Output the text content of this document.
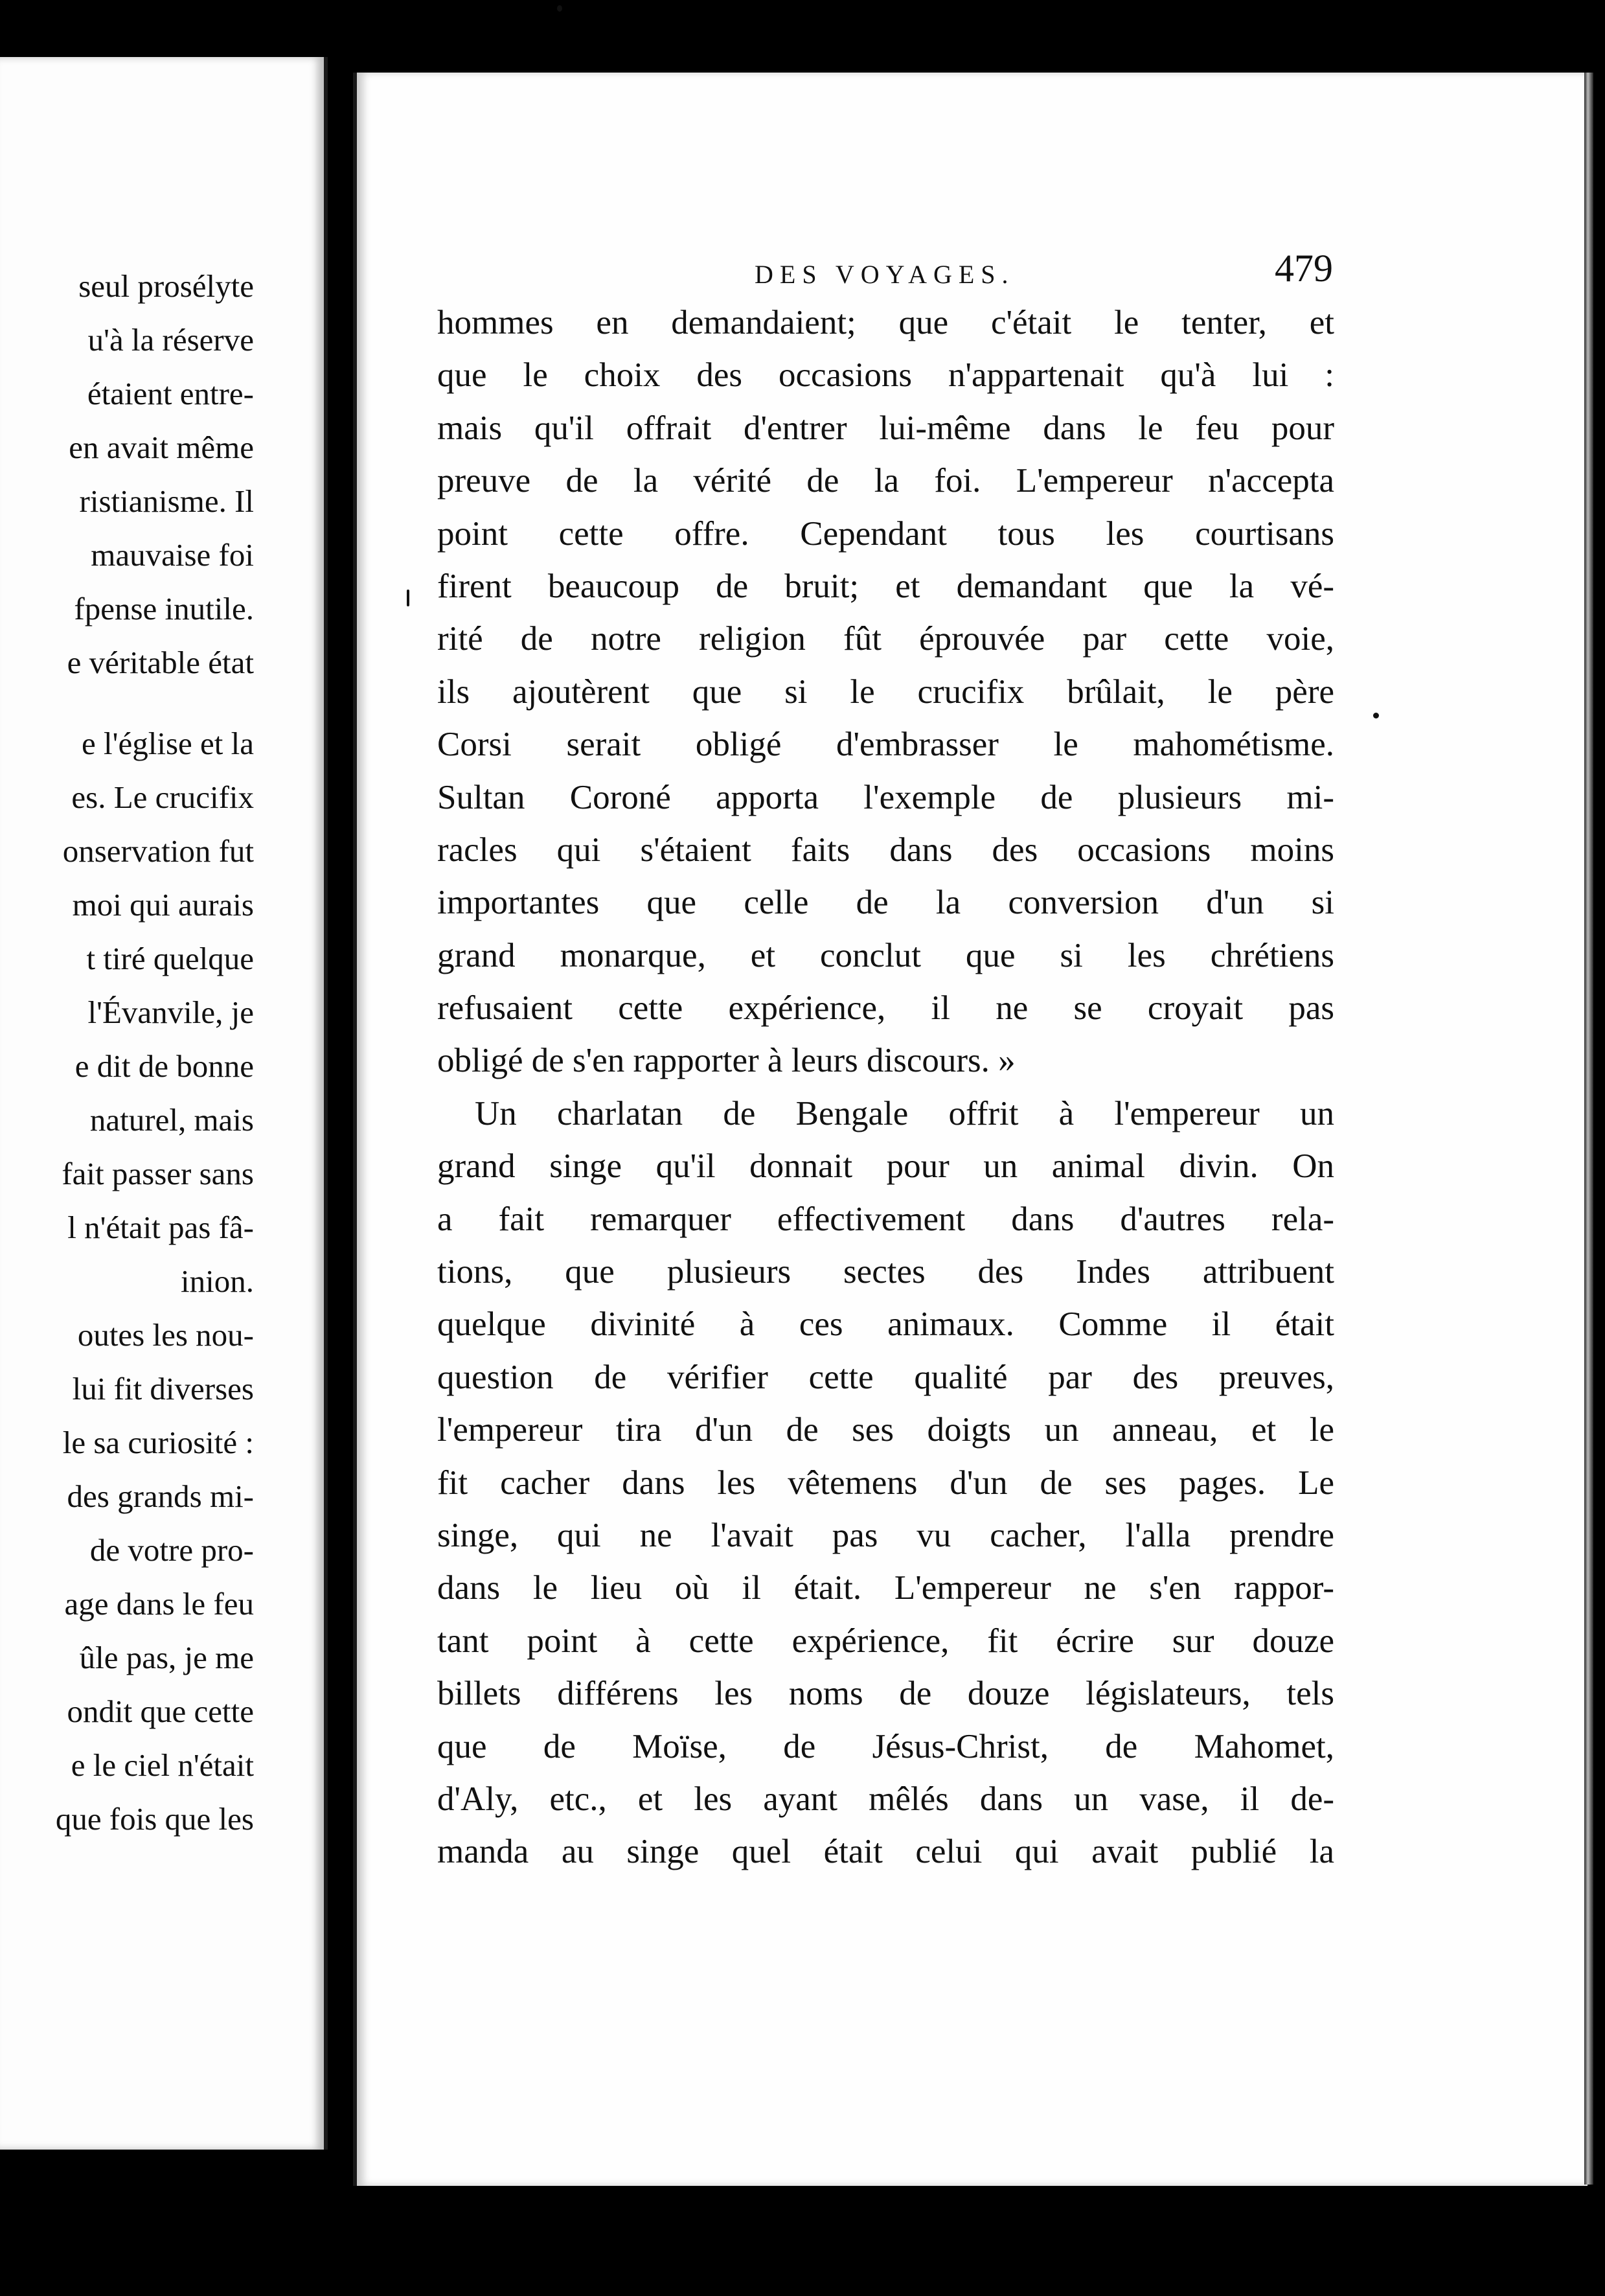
seul prosélyte
u'à la réserve
étaient entre-
en avait même
ristianisme. Il
mauvaise foi
fpense inutile.
e véritable état
e l'église et la
es. Le crucifix
onservation fut
moi qui aurais
t tiré quelque
l'Évanvile, je
e dit de bonne
naturel, mais
fait passer sans
l n'était pas fâ-
inion.
outes les nou-
lui fit diverses
le sa curiosité :
des grands mi-
de votre pro-
age dans le feu
ûle pas, je me
ondit que cette
e le ciel n'était
que fois que les
DES VOYAGES.	479
hommes en demandaient; que c'était le tenter, et
que le choix des occasions n'appartenait qu'à lui :
mais qu'il offrait d'entrer lui-même dans le feu pour
preuve de la vérité de la foi. L'empereur n'accepta
point cette offre. Cependant tous les courtisans
firent beaucoup de bruit; et demandant que la vé-
rité de notre religion fût éprouvée par cette voie,
ils ajoutèrent que si le crucifix brûlait, le père
Corsi serait obligé d'embrasser le mahométisme.
Sultan Coroné apporta l'exemple de plusieurs mi-
racles qui s'étaient faits dans des occasions moins
importantes que celle de la conversion d'un si
grand monarque, et conclut que si les chrétiens
refusaient cette expérience, il ne se croyait pas
obligé de s'en rapporter à leurs discours. »
Un charlatan de Bengale offrit à l'empereur un
grand singe qu'il donnait pour un animal divin. On
a fait remarquer effectivement dans d'autres rela-
tions, que plusieurs sectes des Indes attribuent
quelque divinité à ces animaux. Comme il était
question de vérifier cette qualité par des preuves,
l'empereur tira d'un de ses doigts un anneau, et le
fit cacher dans les vêtemens d'un de ses pages. Le
singe, qui ne l'avait pas vu cacher, l'alla prendre
dans le lieu où il était. L'empereur ne s'en rappor-
tant point à cette expérience, fit écrire sur douze
billets différens les noms de douze législateurs, tels
que de Moïse, de Jésus-Christ, de Mahomet,
d'Aly, etc., et les ayant mêlés dans un vase, il de-
manda au singe quel était celui qui avait publié la
